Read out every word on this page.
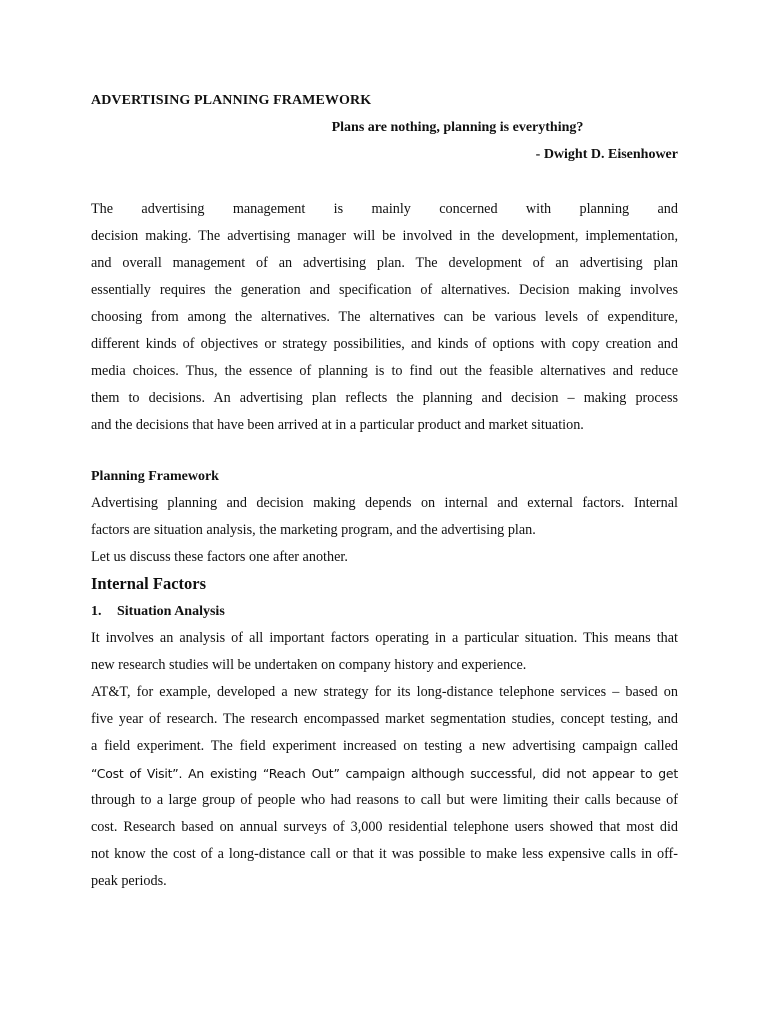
ADVERTISING PLANNING FRAMEWORK
Plans are nothing, planning is everything?
- Dwight D. Eisenhower
The advertising management is mainly concerned with planning and
decision making. The advertising manager will be involved in the development, implementation,
and overall management of an advertising plan. The development of an advertising plan
essentially requires the generation and specification of alternatives. Decision making involves
choosing from among the alternatives. The alternatives can be various levels of expenditure,
different kinds of objectives or strategy possibilities, and kinds of options with copy creation and
media choices. Thus, the essence of planning is to find out the feasible alternatives and reduce
them to decisions. An advertising plan reflects the planning and decision – making process
and the decisions that have been arrived at in a particular product and market situation.
Planning Framework
Advertising planning and decision making depends on internal and external factors. Internal
factors are situation analysis, the marketing program, and the advertising plan.
Let us discuss these factors one after another.
Internal Factors
1. Situation Analysis
It involves an analysis of all important factors operating in a particular situation. This means that
new research studies will be undertaken on company history and experience.
AT&T, for example, developed a new strategy for its long-distance telephone services – based on
five year of research. The research encompassed market segmentation studies, concept testing, and
a field experiment. The field experiment increased on testing a new advertising campaign called
“Cost of Visit”. An existing “Reach Out” campaign although successful, did not appear to get
through to a large group of people who had reasons to call but were limiting their calls because of
cost. Research based on annual surveys of 3,000 residential telephone users showed that most did
not know the cost of a long-distance call or that it was possible to make less expensive calls in off-
peak periods.
